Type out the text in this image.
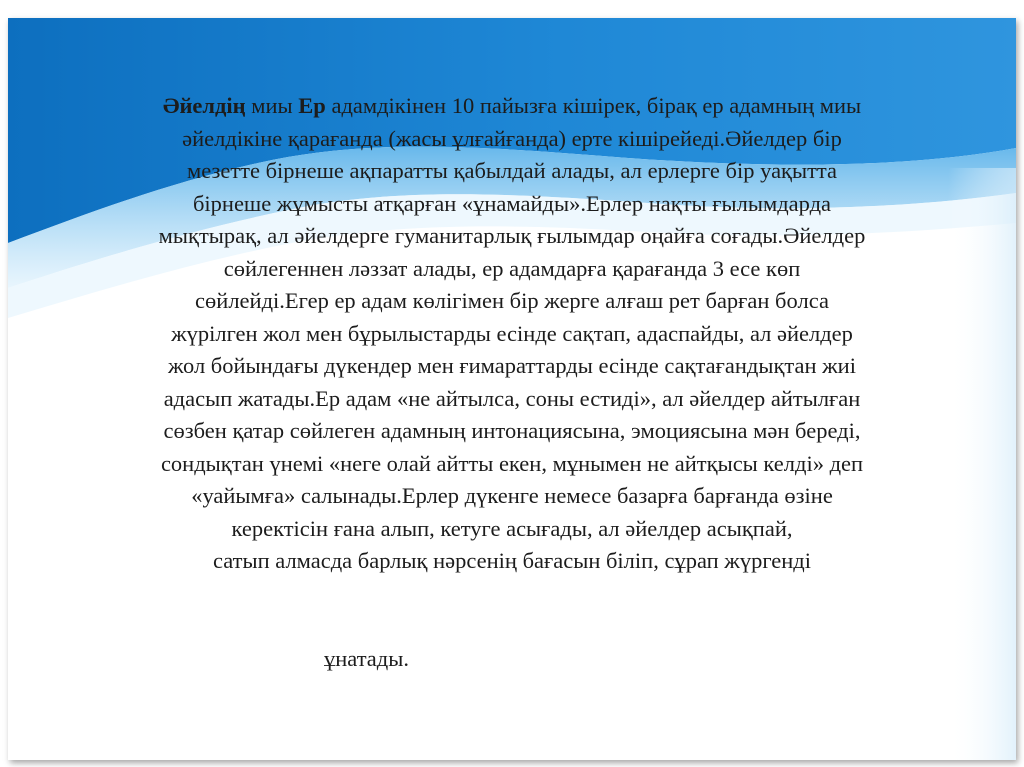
Әйелдің миы Ер адамдікінен 10 пайызға кішірек, бірақ ер адамның миы
әйелдікіне қарағанда (жасы ұлғайғанда) ерте кішірейеді.Әйелдер бір
мезетте бірнеше ақпаратты қабылдай алады, ал ерлерге бір уақытта
бірнеше жұмысты атқарған «ұнамайды».Ерлер нақты ғылымдарда
мықтырақ, ал әйелдерге гуманитарлық ғылымдар оңайға соғады.Әйелдер
сөйлегеннен ләззат алады, ер адамдарға қарағанда 3 есе көп
сөйлейді.Егер ер адам көлігімен бір жерге алғаш рет барған болса
жүрілген жол мен бұрылыстарды есінде сақтап, адаспайды, ал әйелдер
жол бойындағы дүкендер мен ғимараттарды есінде сақтағандықтан жиі
адасып жатады.Ер адам «не айтылса, соны естиді», ал әйелдер айтылған
сөзбен қатар сөйлеген адамның интонациясына, эмоциясына мән береді,
сондықтан үнемі «неге олай айтты екен, мұнымен не айтқысы келді» деп
«уайымға» салынады.Ерлер дүкенге немесе базарға барғанда өзіне
керектісін ғана алып, кетуге асығады, ал әйелдер асықпай,
сатып алмасда барлық нәрсенің бағасын біліп, сұрап жүргенді
ұнатады.
